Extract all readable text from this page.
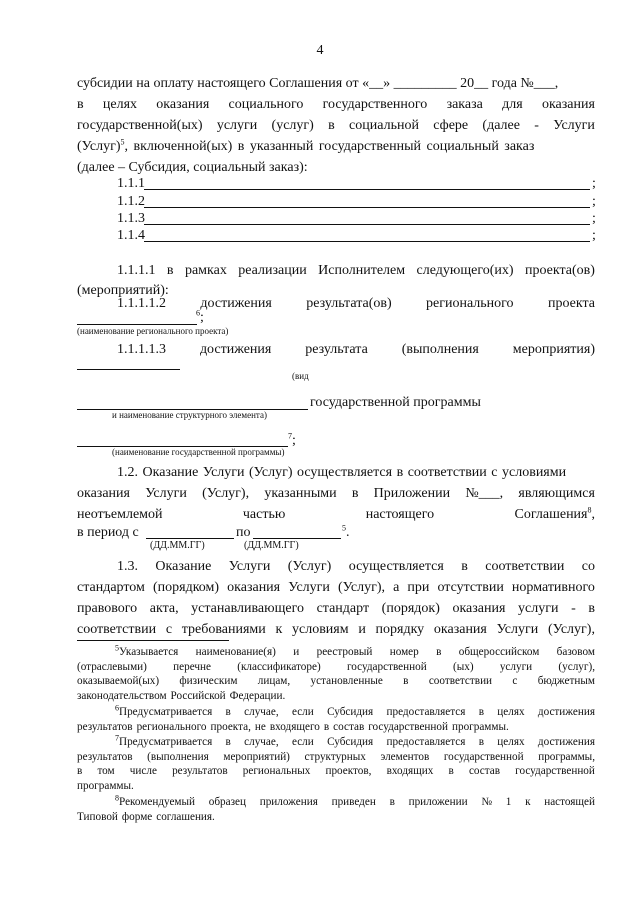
4
субсидии на оплату настоящего Соглашения от «__» _________ 20__ года №___,
в целях оказания социального государственного заказа для оказания
государственной(ых) услуги (услуг) в социальной сфере (далее - Услуги
(Услуг)$^5$, включенной(ых) в указанный государственный социальный заказ
(далее – Субсидия, социальный заказ):
1.1.1	;
1.1.2	;
1.1.3	;
1.1.4	;
1.1.1.1 в рамках реализации Исполнителем следующего(их) проекта(ов)
(мероприятий):
1.1.1.1.2 достижения результата(ов) регионального проекта
$^6$;
(наименование регионального проекта)
1.1.1.1.3 достижения результата (выполнения мероприятия)
(вид
государственной программы
и наименование структурного элемента)
$^7$;
(наименование государственной программы)
1.2. Оказание Услуги (Услуг) осуществляется в соответствии с условиями
оказания Услуги (Услуг), указанными в Приложении №___, являющимся
неотъемлемой	частью	настоящего	Соглашения$^8$,
в период с	по	$^5$.
(ДД.ММ.ГГ)	(ДД.ММ.ГГ)
1.3. Оказание Услуги (Услуг) осуществляется в соответствии со
стандартом (порядком) оказания Услуги (Услуг), а при отсутствии нормативного
правового акта, устанавливающего стандарт (порядок) оказания услуги - в
соответствии с требованиями к условиям и порядку оказания Услуги (Услуг),
$^5$Указывается наименование(я) и реестровый номер в общероссийском базовом
(отраслевыми) перечне (классификаторе) государственной (ых) услуги (услуг),
оказываемой(ых) физическим лицам, установленные в соответствии с бюджетным
законодательством Российской Федерации.
$^6$Предусматривается в случае, если Субсидия предоставляется в целях достижения
результатов регионального проекта, не входящего в состав государственной программы.
$^7$Предусматривается в случае, если Субсидия предоставляется в целях достижения
результатов (выполнения мероприятий) структурных элементов государственной программы,
в том числе результатов региональных проектов, входящих в состав государственной
программы.
$^8$Рекомендуемый образец приложения приведен в приложении № 1 к настоящей
Типовой форме соглашения.
